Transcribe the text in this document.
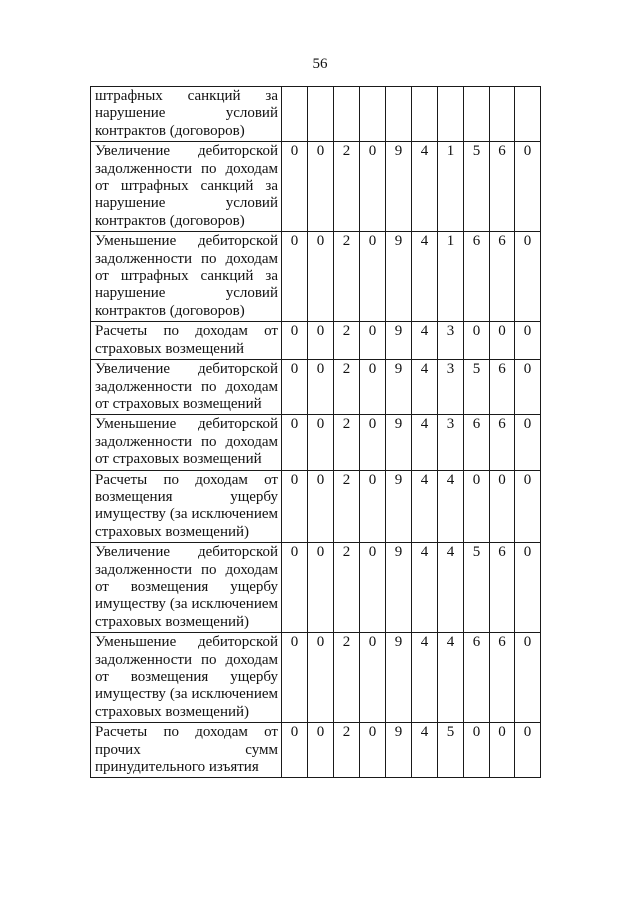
56
штрафных санкций за нарушение условий контрактов (договоров)										
Увеличение дебиторской задолженности по доходам от штрафных санкций за нарушение условий контрактов (договоров)	0	0	2	0	9	4	1	5	6	0
Уменьшение дебиторской задолженности по доходам от штрафных санкций за нарушение условий контрактов (договоров)	0	0	2	0	9	4	1	6	6	0
Расчеты по доходам от страховых возмещений	0	0	2	0	9	4	3	0	0	0
Увеличение дебиторской задолженности по доходам от страховых возмещений	0	0	2	0	9	4	3	5	6	0
Уменьшение дебиторской задолженности по доходам от страховых возмещений	0	0	2	0	9	4	3	6	6	0
Расчеты по доходам от возмещения ущербу имуществу (за исключением страховых возмещений)	0	0	2	0	9	4	4	0	0	0
Увеличение дебиторской задолженности по доходам от возмещения ущербу имуществу (за исключением страховых возмещений)	0	0	2	0	9	4	4	5	6	0
Уменьшение дебиторской задолженности по доходам от возмещения ущербу имуществу (за исключением страховых возмещений)	0	0	2	0	9	4	4	6	6	0
Расчеты по доходам от прочих сумм принудительного изъятия	0	0	2	0	9	4	5	0	0	0
